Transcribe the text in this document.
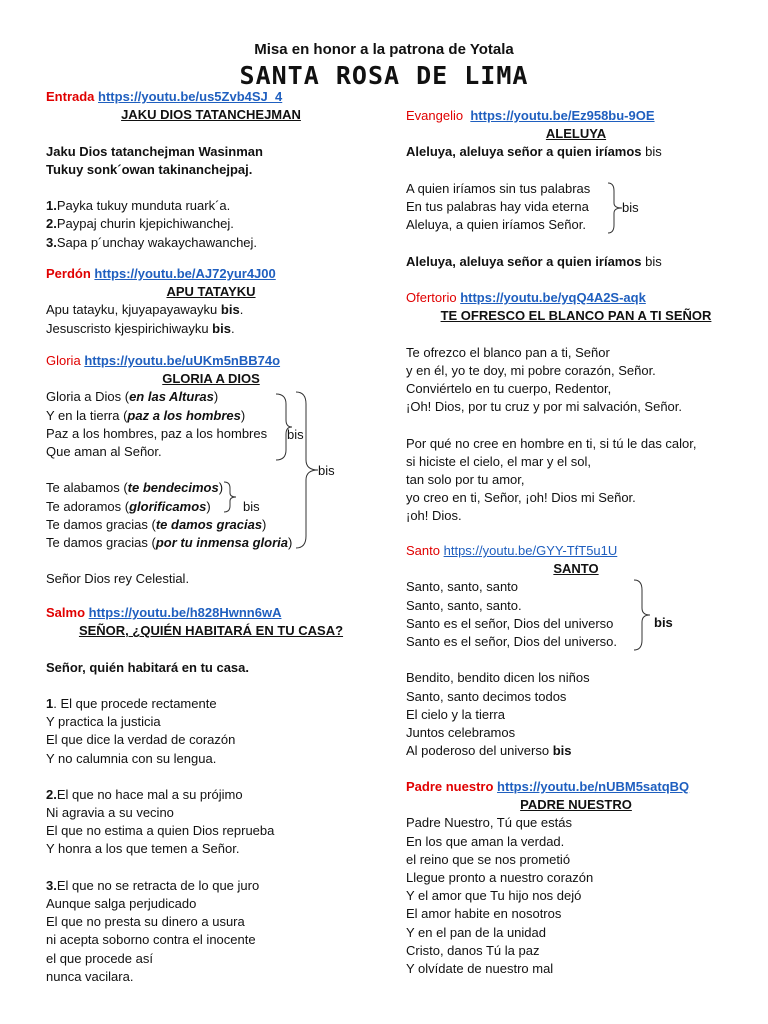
Misa en honor a la patrona de Yotala
SANTA ROSA DE LIMA
Entrada https://youtu.be/us5Zvb4SJ_4
JAKU DIOS TATANCHEJMAN
Jaku Dios tatanchejman Wasinman
Tukuy sonk´owan takinanchejpaj.
1.Payka tukuy munduta ruark´a.
2.Paypaj churin kjepichiwanchej.
3.Sapa p´unchay wakaychawanchej.
Perdón https://youtu.be/AJ72yur4J00
APU TATAYKU
Apu tatayku, kjuyapayawayku bis.
Jesuscristo kjespirichiwayku bis.
Gloria https://youtu.be/uUKm5nBB74o
GLORIA A DIOS
Gloria a Dios (en las Alturas)
Y en la tierra (paz a los hombres)
Paz a los hombres, paz a los hombres
Que aman al Señor.
Te alabamos (te bendecimos)
Te adoramos (glorificamos)
Te damos gracias (te damos gracias)
Te damos gracias (por tu inmensa gloria)
Señor Dios rey Celestial.
bis
bis
bis
Salmo https://youtu.be/h828Hwnn6wA
SEÑOR, ¿QUIÉN HABITARÁ EN TU CASA?
Señor, quién habitará en tu casa.
1. El que procede rectamente
Y practica la justicia
El que dice la verdad de corazón
Y no calumnia con su lengua.
2.El que no hace mal a su prójimo
Ni agravia a su vecino
El que no estima a quien Dios reprueba
Y honra a los que temen a Señor.
3.El que no se retracta de lo que juro
Aunque salga perjudicado
El que no presta su dinero a usura
ni acepta soborno contra el inocente
el que procede así
nunca vacilara.
Evangelio https://youtu.be/Ez958bu-9OE
ALELUYA
Aleluya, aleluya señor a quien iríamos bis
A quien iríamos sin tus palabras
En tus palabras hay vida eterna
Aleluya, a quien iríamos Señor.
Aleluya, aleluya señor a quien iríamos bis
bis
Ofertorio https://youtu.be/yqQ4A2S-aqk
TE OFRESCO EL BLANCO PAN A TI SEÑOR
Te ofrezco el blanco pan a ti, Señor
y en él, yo te doy, mi pobre corazón, Señor.
Conviértelo en tu cuerpo, Redentor,
¡Oh! Dios, por tu cruz y por mi salvación, Señor.
Por qué no cree en hombre en ti, si tú le das calor,
si hiciste el cielo, el mar y el sol,
tan solo por tu amor,
yo creo en ti, Señor, ¡oh! Dios mi Señor.
¡oh! Dios.
Santo https://youtu.be/GYY-TfT5u1U
SANTO
Santo, santo, santo
Santo, santo, santo.
Santo es el señor, Dios del universo
Santo es el señor, Dios del universo.
Bendito, bendito dicen los niños
Santo, santo decimos todos
El cielo y la tierra
Juntos celebramos
Al poderoso del universo bis
bis
Padre nuestro https://youtu.be/nUBM5satqBQ
PADRE NUESTRO
Padre Nuestro, Tú que estás
En los que aman la verdad.
el reino que se nos prometió
Llegue pronto a nuestro corazón
Y el amor que Tu hijo nos dejó
El amor habite en nosotros
Y en el pan de la unidad
Cristo, danos Tú la paz
Y olvídate de nuestro mal
